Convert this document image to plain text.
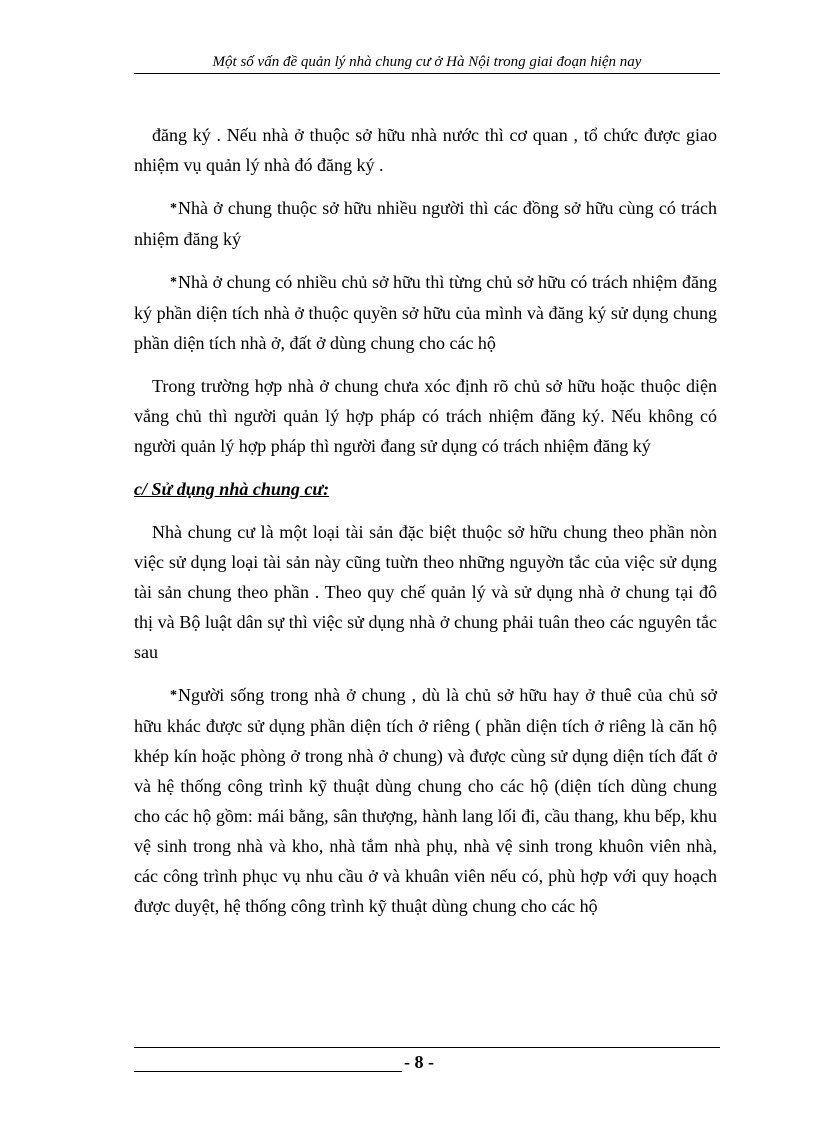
Một số vấn đề quản lý nhà chung cư ở Hà Nội trong giai đoạn hiện nay

đăng ký . Nếu nhà ở thuộc sở hữu nhà nước thì cơ quan , tổ chức được giao nhiệm vụ quản lý nhà đó đăng ký .

*Nhà ở chung thuộc sở hữu nhiều người thì các đồng sở hữu cùng có trách nhiệm đăng ký

*Nhà ở chung có nhiều chủ sở hữu thì từng chủ sở hữu có trách nhiệm đăng ký phần diện tích nhà ở thuộc quyền sở hữu của mình và đăng ký sử dụng chung phần diện tích nhà ở, đất ở dùng chung cho các hộ

Trong trường hợp nhà ở chung chưa xóc định rõ chủ sở hữu hoặc thuộc diện vắng chủ thì người quản lý hợp pháp có trách nhiệm đăng ký. Nếu không có người quản lý hợp pháp thì người đang sử dụng có trách nhiệm đăng ký

c/ Sử dụng nhà chung cư:

Nhà chung cư là một loại tài sản đặc biệt thuộc sở hữu chung theo phần nòn việc sử dụng loại tài sản này cũng tuừn theo những nguyờn tắc của việc sử dụng tài sản chung theo phần . Theo quy chế quản lý và sử dụng nhà ở chung tại đô thị và Bộ luật dân sự thì việc sử dụng nhà ở chung phải tuân theo các nguyên tắc sau

*Người sống trong nhà ở chung , dù là chủ sở hữu hay ở thuê của chủ sở hữu khác được sử dụng phần diện tích ở riêng ( phần diện tích ở riêng là căn hộ khép kín hoặc phòng ở trong nhà ở chung) và được cùng sử dụng diện tích đất ở và hệ thống công trình kỹ thuật dùng chung cho các hộ (diện tích dùng chung cho các hộ gồm: mái bằng, sân thượng, hành lang lối đi, cầu thang, khu bếp, khu vệ sinh trong nhà và kho, nhà tắm nhà phụ, nhà vệ sinh trong khuôn viên nhà, các công trình phục vụ nhu cầu ở và khuân viên nếu có, phù hợp với quy hoạch được duyệt, hệ thống công trình kỹ thuật dùng chung cho các hộ

- 8 -
